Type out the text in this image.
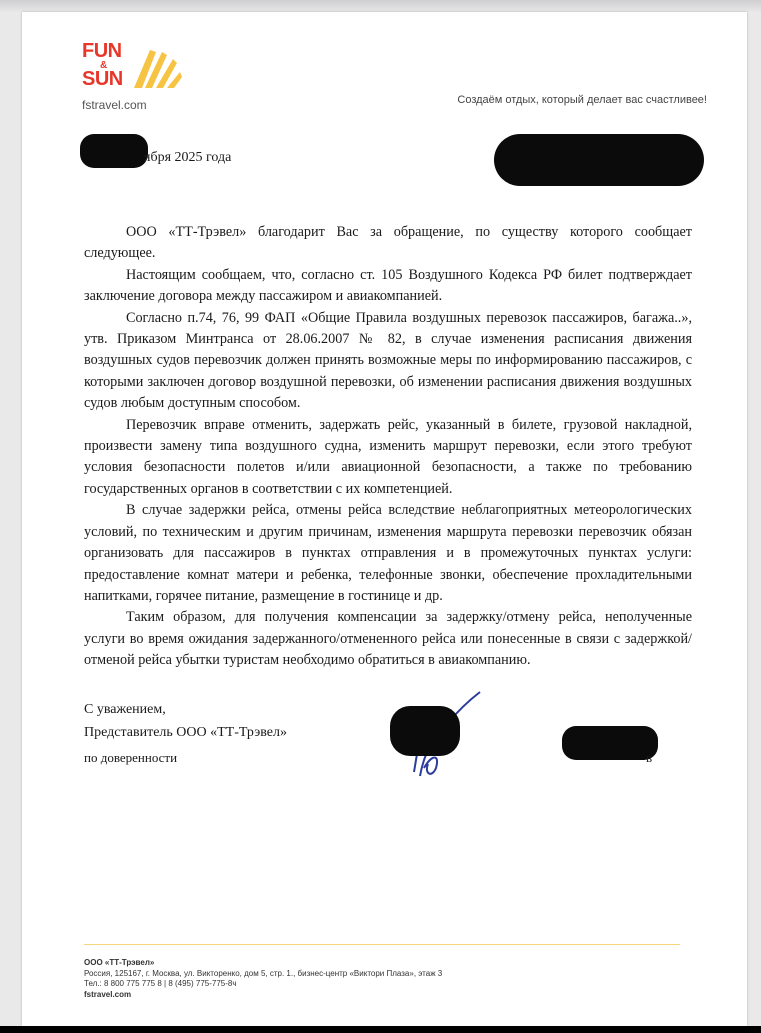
FUN
&
SUN
fstravel.com	Создаём отдых, который делает вас счастливее!
ября 2025 года

ООО «ТТ-Трэвел» благодарит Вас за обращение, по существу которого сообщает следующее.

Настоящим сообщаем, что, согласно ст. 105 Воздушного Кодекса РФ билет подтверждает заключение договора между пассажиром и авиакомпанией.

Согласно п.74, 76, 99 ФАП «Общие Правила воздушных перевозок пассажиров, багажа..», утв. Приказом Минтранса от 28.06.2007 № 82, в случае изменения расписания движения воздушных судов перевозчик должен принять возможные меры по информированию пассажиров, с которыми заключен договор воздушной перевозки, об изменении расписания движения воздушных судов любым доступным способом.

Перевозчик вправе отменить, задержать рейс, указанный в билете, грузовой накладной, произвести замену типа воздушного судна, изменить маршрут перевозки, если этого требуют условия безопасности полетов и/или авиационной безопасности, а также по требованию государственных органов в соответствии с их компетенцией.

В случае задержки рейса, отмены рейса вследствие неблагоприятных метеорологических условий, по техническим и другим причинам, изменения маршрута перевозки перевозчик обязан организовать для пассажиров в пунктах отправления и в промежуточных пунктах услуги: предоставление комнат матери и ребенка, телефонные звонки, обеспечение прохладительными напитками, горячее питание, размещение в гостинице и др.

Таким образом, для получения компенсации за задержку/отмену рейса, неполученные услуги во время ожидания задержанного/отмененного рейса или понесенные в связи с задержкой/отменой рейса убытки туристам необходимо обратиться в авиакомпанию.

С уважением,
Представитель ООО «ТТ-Трэвел»
по доверенности	в
ООО «ТТ-Трэвел»
Россия, 125167, г. Москва, ул. Викторенко, дом 5, стр. 1., бизнес-центр «Виктори Плаза», этаж 3
Тел.: 8 800 775 775 8 | 8 (495) 775-775-8ч
fstravel.com
